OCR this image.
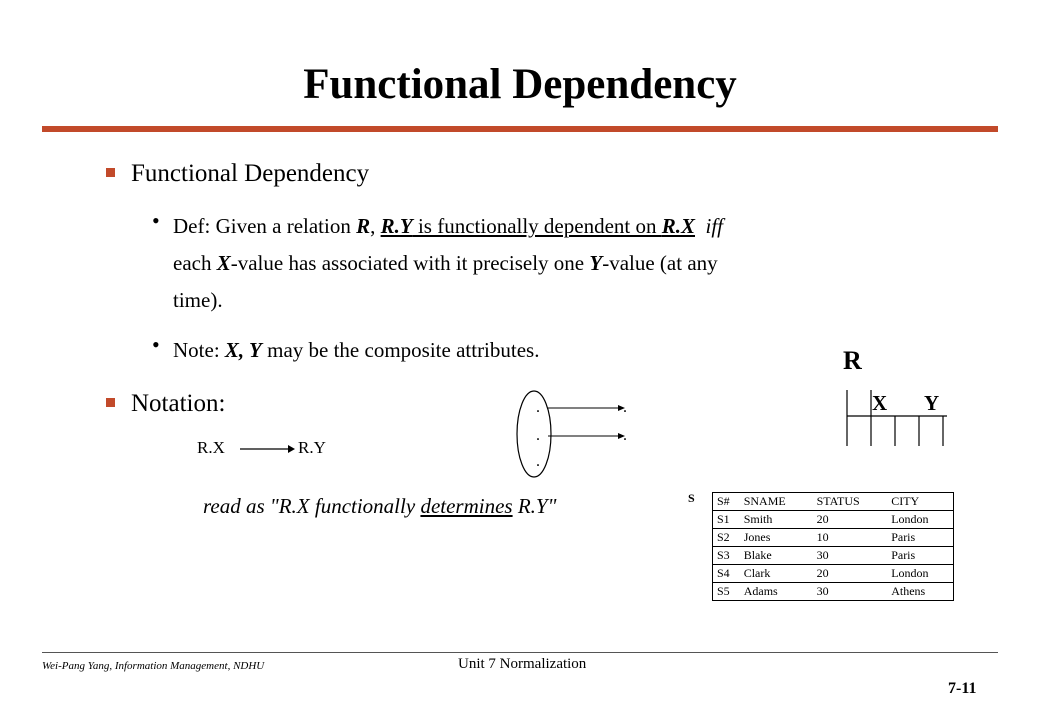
Functional Dependency
Functional Dependency
• Def: Given a relation R, R.Y is functionally dependent on R.X iff
each X-value has associated with it precisely one Y-value (at any
time).
• Note: X, Y may be the composite attributes.
Notation:
R.X	R.Y
read as "R.X functionally determines R.Y"
.
.
.
.
.
R
X Y
S S#	SNAME	STATUS	CITY
S1	Smith	20	London
S2	Jones	10	Paris
S3	Blake	30	Paris
S4	Clark	20	London
S5	Adams	30	Athens
Wei-Pang Yang, Information Management, NDHU	Unit 7 Normalization
7-11
